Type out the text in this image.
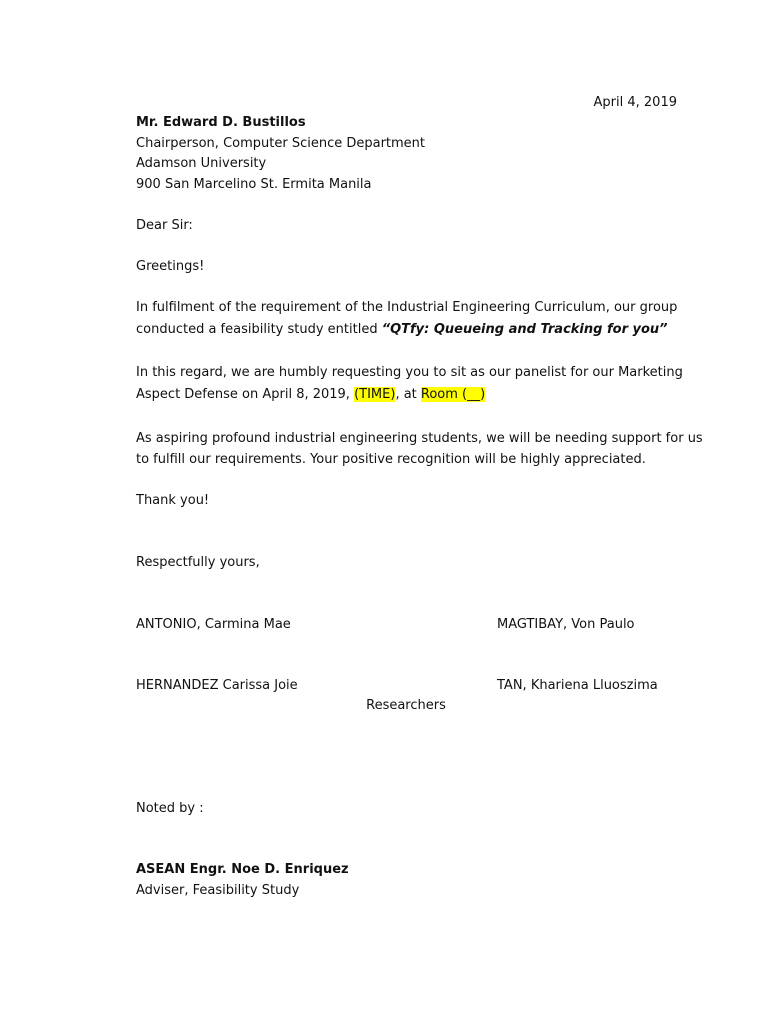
April 4, 2019
Mr. Edward D. Bustillos
Chairperson, Computer Science Department
Adamson University
900 San Marcelino St. Ermita Manila
Dear Sir:
Greetings!
In fulfilment of the requirement of the Industrial Engineering Curriculum, our group
conducted a feasibility study entitled “QTfy: Queueing and Tracking for you”
In this regard, we are humbly requesting you to sit as our panelist for our Marketing
Aspect Defense on April 8, 2019, (TIME), at Room (__)
As aspiring profound industrial engineering students, we will be needing support for us
to fulfill our requirements. Your positive recognition will be highly appreciated.
Thank you!
Respectfully yours,
ANTONIO, Carmina Mae	MAGTIBAY, Von Paulo
HERNANDEZ Carissa Joie	TAN, Khariena Lluoszima
Researchers
Noted by :
ASEAN Engr. Noe D. Enriquez
Adviser, Feasibility Study
